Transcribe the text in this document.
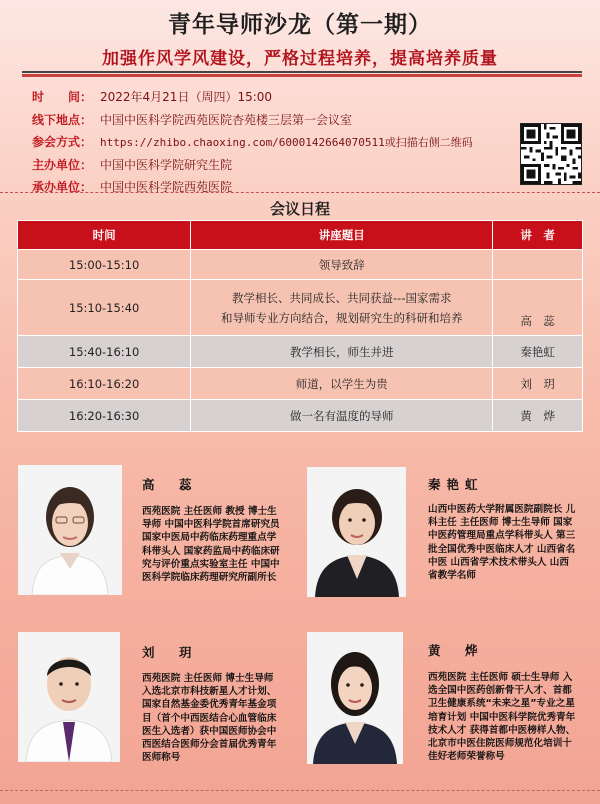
青年导师沙龙（第一期）
加强作风学风建设，严格过程培养，提高培养质量
时　　间： 2022年4月21日（周四）15:00
线下地点： 中国中医科学院西苑医院杏苑楼三层第一会议室
参会方式： https://zhibo.chaoxing.com/6000142664070511或扫描右侧二维码
主办单位： 中国中医科学院研究生院
承办单位： 中国中医科学院西苑医院
会议日程
时间	讲座题目	讲　者
15:00-15:10	领导致辞	
15:10-15:40	教学相长、共同成长、共同获益---国家需求
和导师专业方向结合，规划研究生的科研和培养	高　蕊
15:40-16:10	教学相长，师生并进	秦艳虹
16:10-16:20	师道，以学生为贵	刘　玥
16:20-16:30	做一名有温度的导师	黄　烨
高　蕊
西苑医院 主任医师 教授 博士生导师 中国中医科学院首席研究员国家中医局中药临床药理重点学科带头人 国家药监局中药临床研究与评价重点实验室主任 中国中医科学院临床药理研究所副所长
秦艳虹
山西中医药大学附属医院副院长 儿科主任 主任医师 博士生导师 国家中医药管理局重点学科带头人 第三批全国优秀中医临床人才 山西省名中医 山西省学术技术带头人 山西省教学名师
刘　玥
西苑医院 主任医师 博士生导师 入选北京市科技新星人才计划、国家自然基金委优秀青年基金项目（首个中西医结合心血管临床医生入选者）获中国医师协会中西医结合医师分会首届优秀青年医师称号
黄　烨
西苑医院 主任医师 硕士生导师 入选全国中医药创新骨干人才、首都卫生健康系统“未来之星”专业之星培育计划 中国中医科学院优秀青年技术人才 获得首都中医榜样人物、北京市中医住院医师规范化培训十佳好老师荣誉称号
